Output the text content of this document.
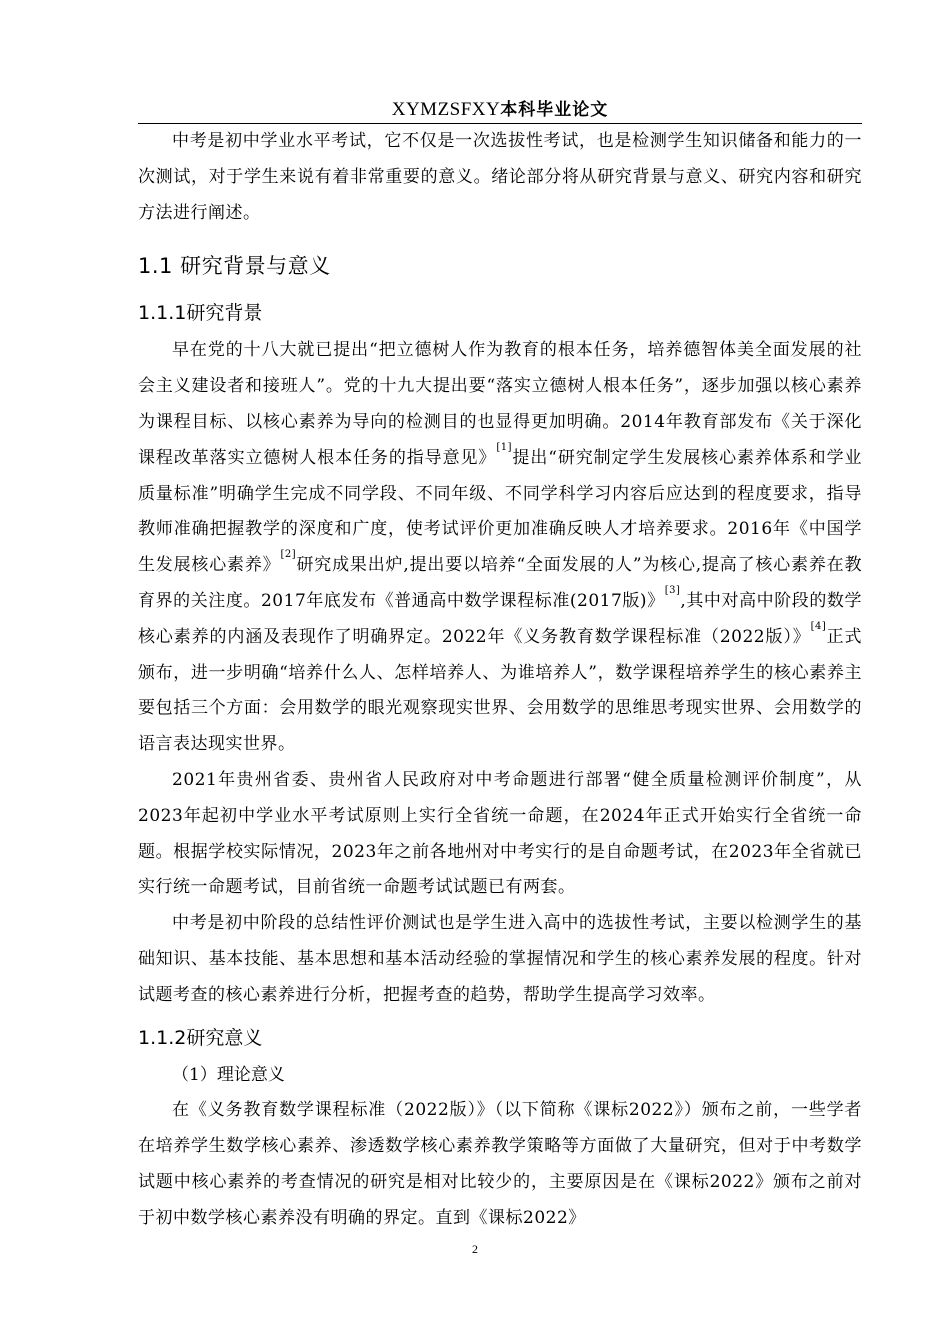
XYMZSFXY本科毕业论文

中考是初中学业水平考试，它不仅是一次选拔性考试，也是检测学生知识储备和能力的一次测试，对于学生来说有着非常重要的意义。绪论部分将从研究背景与意义、研究内容和研究方法进行阐述。

1.1 研究背景与意义
1.1.1研究背景

早在党的十八大就已提出“把立德树人作为教育的根本任务，培养德智体美全面发展的社会主义建设者和接班人”。党的十九大提出要“落实立德树人根本任务”，逐步加强以核心素养为课程目标、以核心素养为导向的检测目的也显得更加明确。2014年教育部发布《关于深化课程改革落实立德树人根本任务的指导意见》[1]提出“研究制定学生发展核心素养体系和学业质量标准”明确学生完成不同学段、不同年级、不同学科学习内容后应达到的程度要求，指导教师准确把握教学的深度和广度，使考试评价更加准确反映人才培养要求。2016年《中国学生发展核心素养》[2]研究成果出炉,提出要以培养“全面发展的人”为核心,提高了核心素养在教育界的关注度。2017年底发布《普通高中数学课程标准(2017版)》[3],其中对高中阶段的数学核心素养的内涵及表现作了明确界定。2022年《义务教育数学课程标准（2022版）》[4]正式颁布，进一步明确“培养什么人、怎样培养人、为谁培养人”，数学课程培养学生的核心素养主要包括三个方面：会用数学的眼光观察现实世界、会用数学的思维思考现实世界、会用数学的语言表达现实世界。

2021年贵州省委、贵州省人民政府对中考命题进行部署“健全质量检测评价制度”，从2023年起初中学业水平考试原则上实行全省统一命题，在2024年正式开始实行全省统一命题。根据学校实际情况，2023年之前各地州对中考实行的是自命题考试，在2023年全省就已实行统一命题考试，目前省统一命题考试试题已有两套。

中考是初中阶段的总结性评价测试也是学生进入高中的选拔性考试，主要以检测学生的基础知识、基本技能、基本思想和基本活动经验的掌握情况和学生的核心素养发展的程度。针对试题考查的核心素养进行分析，把握考查的趋势，帮助学生提高学习效率。

1.1.2研究意义

（1）理论意义

在《义务教育数学课程标准（2022版）》（以下简称《课标2022》）颁布之前，一些学者在培养学生数学核心素养、渗透数学核心素养教学策略等方面做了大量研究，但对于中考数学试题中核心素养的考查情况的研究是相对比较少的，主要原因是在《课标2022》颁布之前对于初中数学核心素养没有明确的界定。直到《课标2022》

2
